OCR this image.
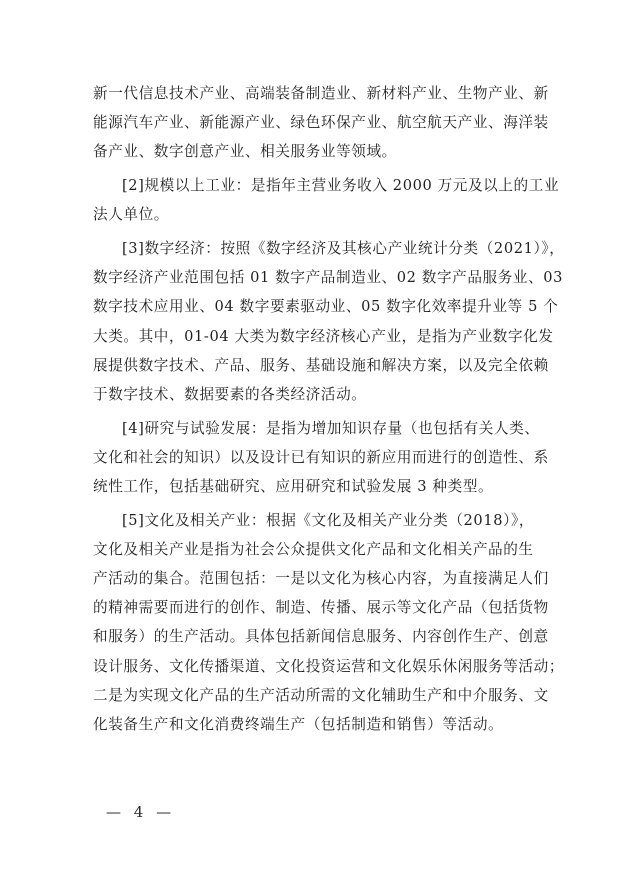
新一代信息技术产业、高端装备制造业、新材料产业、生物产业、新
能源汽车产业、新能源产业、绿色环保产业、航空航天产业、海洋装
备产业、数字创意产业、相关服务业等领域。
[2]规模以上工业：是指年主营业务收入 2000 万元及以上的工业
法人单位。
[3]数字经济：按照《数字经济及其核心产业统计分类（2021）》，
数字经济产业范围包括 01 数字产品制造业、02 数字产品服务业、03
数字技术应用业、04 数字要素驱动业、05 数字化效率提升业等 5 个
大类。其中，01-04 大类为数字经济核心产业，是指为产业数字化发
展提供数字技术、产品、服务、基础设施和解决方案，以及完全依赖
于数字技术、数据要素的各类经济活动。
[4]研究与试验发展：是指为增加知识存量（也包括有关人类、
文化和社会的知识）以及设计已有知识的新应用而进行的创造性、系
统性工作，包括基础研究、应用研究和试验发展 3 种类型。
[5]文化及相关产业：根据《文化及相关产业分类（2018）》，
文化及相关产业是指为社会公众提供文化产品和文化相关产品的生
产活动的集合。范围包括：一是以文化为核心内容，为直接满足人们
的精神需要而进行的创作、制造、传播、展示等文化产品（包括货物
和服务）的生产活动。具体包括新闻信息服务、内容创作生产、创意
设计服务、文化传播渠道、文化投资运营和文化娱乐休闲服务等活动；
二是为实现文化产品的生产活动所需的文化辅助生产和中介服务、文
化装备生产和文化消费终端生产（包括制造和销售）等活动。
— 4 —
